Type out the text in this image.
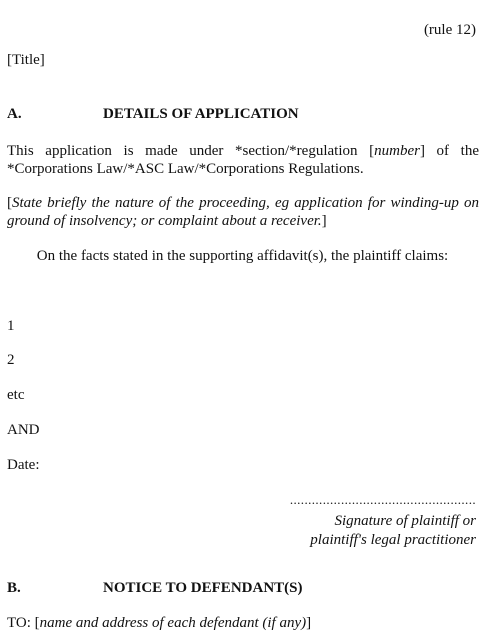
(rule 12)
[Title]
A.	DETAILS OF APPLICATION
This application is made under *section/*regulation [number] of the *Corporations Law/*ASC Law/*Corporations Regulations.
[State briefly the nature of the proceeding, eg application for winding-up on ground of insolvency; or complaint about a receiver.]
On the facts stated in the supporting affidavit(s), the plaintiff claims:
1
2
etc
AND
Date:
...................................................
Signature of plaintiff or
plaintiff's legal practitioner
B.	NOTICE TO DEFENDANT(S)
TO: [name and address of each defendant (if any)]
